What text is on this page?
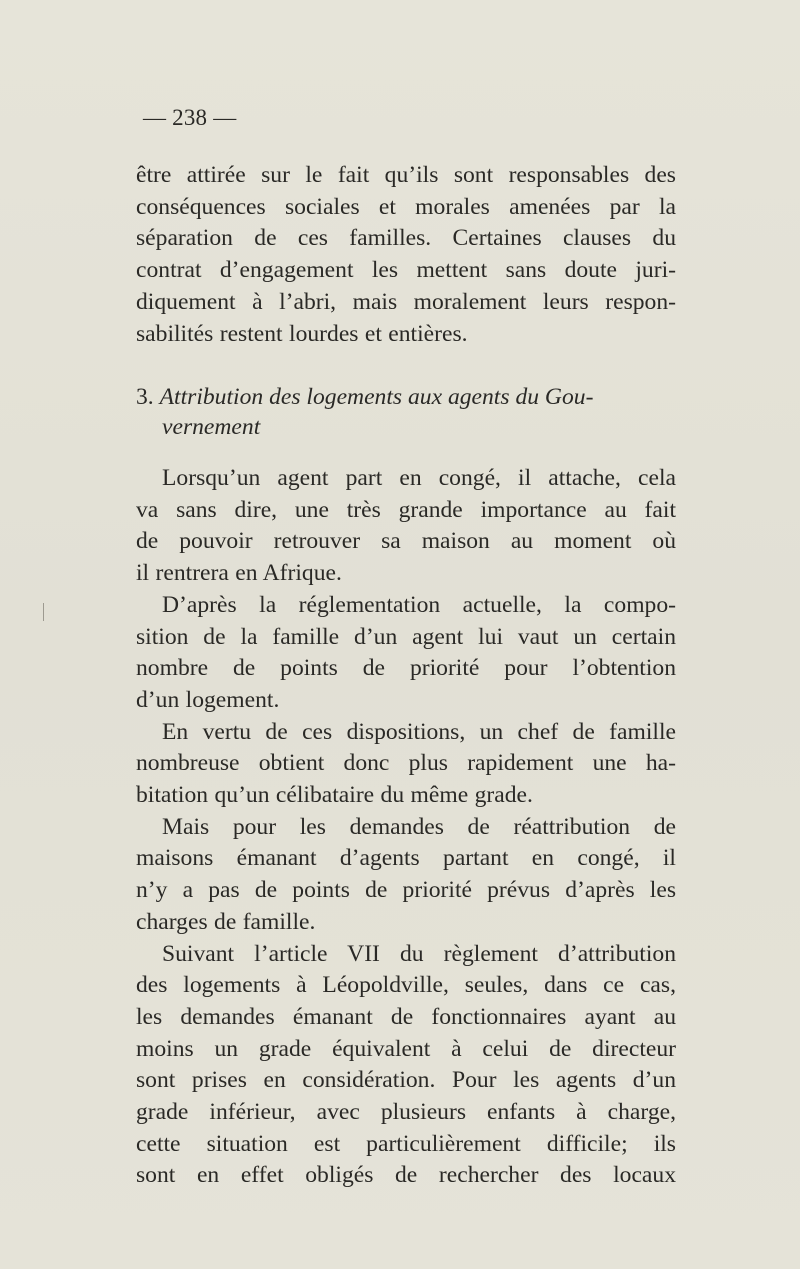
— 238 —
être attirée sur le fait qu’ils sont responsables des
conséquences sociales et morales amenées par la
séparation de ces familles. Certaines clauses du
contrat d’engagement les mettent sans doute juri-
diquement à l’abri, mais moralement leurs respon-
sabilités restent lourdes et entières.
3. Attribution des logements aux agents du Gou-
vernement
Lorsqu’un agent part en congé, il attache, cela
va sans dire, une très grande importance au fait
de pouvoir retrouver sa maison au moment où
il rentrera en Afrique.
D’après la réglementation actuelle, la compo-
sition de la famille d’un agent lui vaut un certain
nombre de points de priorité pour l’obtention
d’un logement.
En vertu de ces dispositions, un chef de famille
nombreuse obtient donc plus rapidement une ha-
bitation qu’un célibataire du même grade.
Mais pour les demandes de réattribution de
maisons émanant d’agents partant en congé, il
n’y a pas de points de priorité prévus d’après les
charges de famille.
Suivant l’article VII du règlement d’attribution
des logements à Léopoldville, seules, dans ce cas,
les demandes émanant de fonctionnaires ayant au
moins un grade équivalent à celui de directeur
sont prises en considération. Pour les agents d’un
grade inférieur, avec plusieurs enfants à charge,
cette situation est particulièrement difficile; ils
sont en effet obligés de rechercher des locaux
